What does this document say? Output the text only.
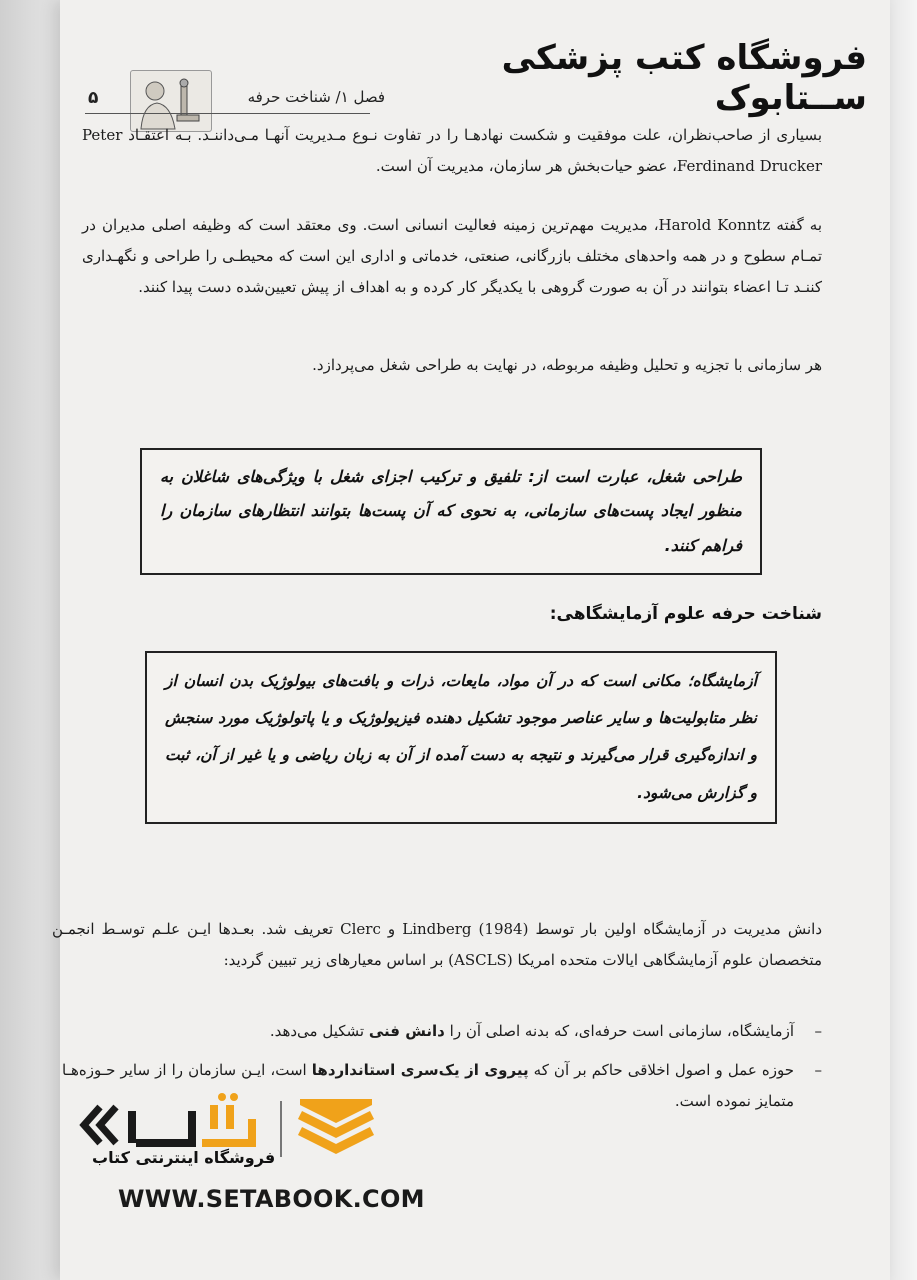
فروشگاه کتب پزشکی ســتابوک
۵	فصل ۱/ شناخت حرفه
بسیاری از صاحب‌نظران، علت موفقیت و شکست نهادهـا را در تفاوت نـوع مـدیریت آنهـا مـی‌داننـد. بـه اعتقـاد Peter Ferdinand Drucker، عضو حیات‌بخش هر سازمان، مدیریت آن است.
به گفته Harold Konntz، مدیریت مهم‌ترین زمینه فعالیت انسانی است. وی معتقد است که وظیفه اصلی مدیران در تمـام سطوح و در همه واحدهای مختلف بازرگانی، صنعتی، خدماتی و اداری این است که محیطـی را طراحی و نگهـداری کننـد تـا اعضاء بتوانند در آن به صورت گروهی با یکدیگر کار کرده و به اهداف از پیش تعیین‌شده دست پیدا کنند.
هر سازمانی با تجزیه و تحلیل وظیفه مربوطه، در نهایت به طراحی شغل می‌پردازد.
طراحی شغل، عبارت است از: تلفیق و ترکیب اجزای شغل با ویژگی‌های شاغلان به منظور ایجاد پست‌های سازمانی، به نحوی که آن پست‌ها بتوانند انتظارهای سازمان را فراهم کنند.
شناخت حرفه علوم آزمایشگاهی:
آزمایشگاه؛ مکانی است که در آن مواد، مایعات، ذرات و بافت‌های بیولوژیک بدن انسان از نظر متابولیت‌ها و سایر عناصر موجود تشکیل دهنده فیزیولوژیک و یا پاتولوژیک مورد سنجش و اندازه‌گیری قرار می‌گیرند و نتیجه به دست آمده از آن به زبان ریاضی و یا غیر از آن، ثبت و گزارش می‌شود.
دانش مدیریت در آزمایشگاه اولین بار توسط Lindberg (1984) و Clerc تعریف شد. بعـدها ایـن علـم توسـط انجمـن متخصصان علوم آزمایشگاهی ایالات متحده امریکا (ASCLS) بر اساس معیارهای زیر تبیین گردید:
–
آزمایشگاه، سازمانی است حرفه‌ای، که بدنه اصلی آن را دانش فنی تشکیل می‌دهد.
–
حوزه عمل و اصول اخلاقی حاکم بر آن که پیروی از یک‌سری استانداردها است، ایـن سازمان را از سایر حـوزه‌هـا متمایز نموده است.
فروشگاه اینترنتی کتاب
WWW.SETABOOK.COM
